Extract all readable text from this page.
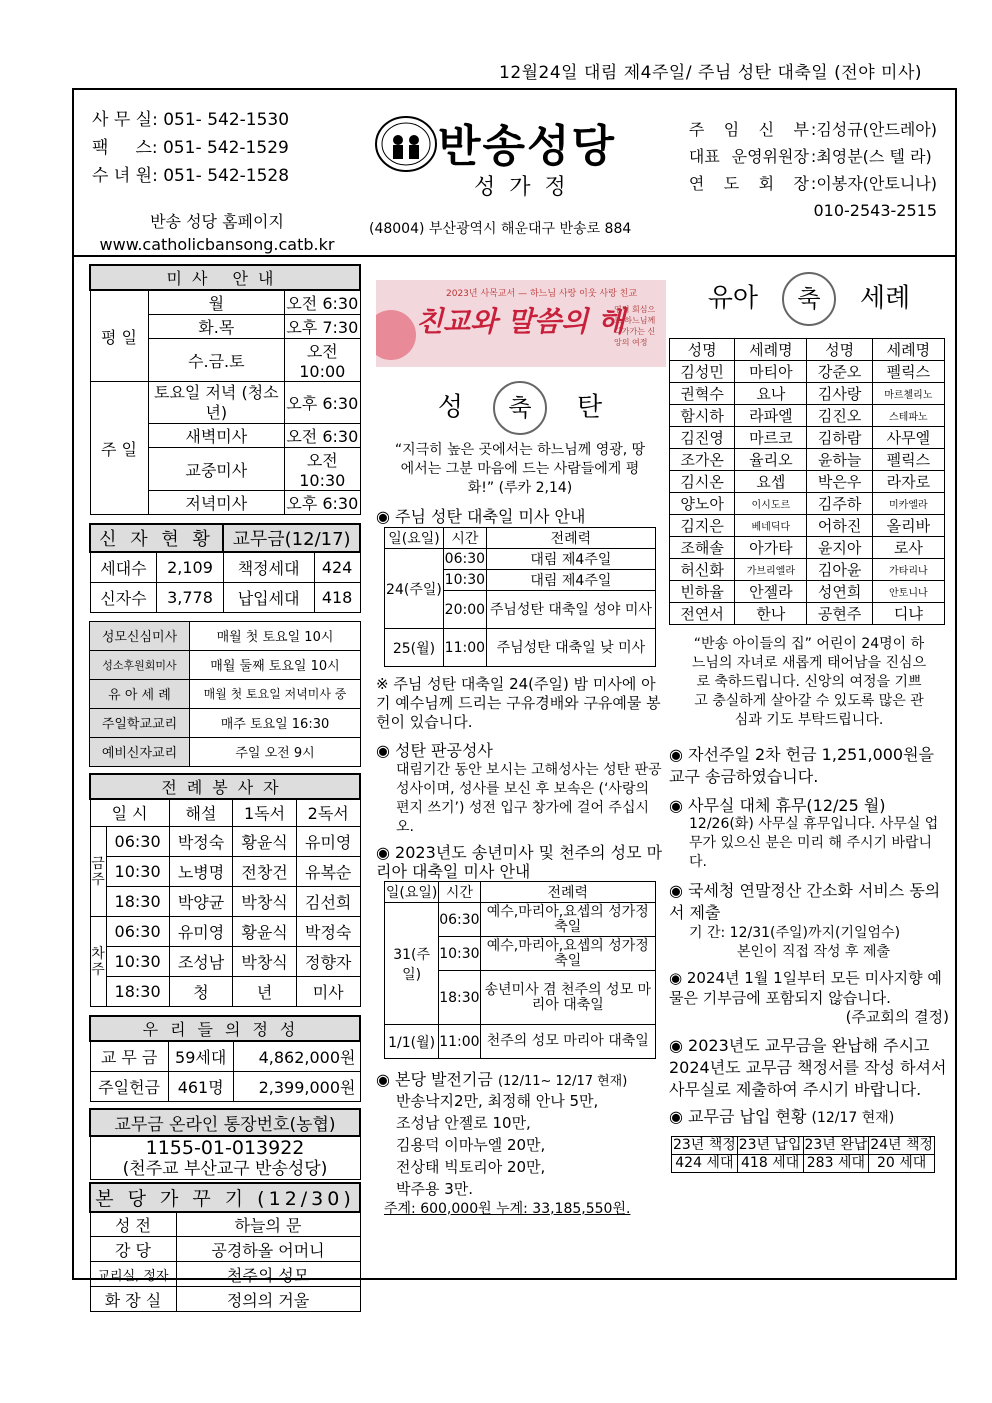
12월24일 대림 제4주일/ 주님 성탄 대축일 (전야 미사)
사 무 실: 051- 542-1530
팩     스: 051- 542-1529
수 녀 원: 051- 542-1528
반송 성당 홈페이지
www.catholicbansong.catb.kr
반송성당
성가정
(48004) 부산광역시 해운대구 반송로 884
주 임 신 부 :김성규(안드레아)
대표 운영위원장 :최영분(스 텔 라)
연 도 회 장 :이봉자(안토니나)
010-2543-2515
미사 안내		
평 일	월	오전 6:30
	화.목	오후 7:30
	수.금.토	오전10:00
주 일	토요일 저녁 (청소년)	오후 6:30
	새벽미사	오전 6:30
	교중미사	오전10:30
	저녁미사	오후 6:30
신 자 현 황		교무금(12/17)	
세대수	2,109	책정세대	424
신자수	3,778	납입세대	418
성모신심미사	매월 첫 토요일 10시
성소후원회미사	매월 둘째 토요일 10시
유 아 세 례	매월 첫 토요일 저녁미사 중
주일학교교리	매주 토요일 16:30
예비신자교리	주일 오전 9시
전례봉사자				
일 시		해설	1독서	2독서
금주	06:30	박정숙	황윤식	유미영
	10:30	노병명	전창건	유복순
	18:30	박양균	박창식	김선희
차주	06:30	유미영	황윤식	박정숙
	10:30	조성남	박창식	정향자
	18:30	청	년	미사
우리들의정성		
교 무 금	59세대	4,862,000원
주일헌금	461명	2,399,000원
교무금 온라인 통장번호(농협)
1155-01-013922
(천주교 부산교구 반송성당)
본 당 가 꾸 기 (12/30)	
성 전	하늘의 문
강 당	공경하올 어머니
교리실, 정자	천주의 성모
화 장 실	정의의 거울
2023년 사목교서 — 하느님 사랑 이웃 사랑 친교
친교와 말씀의 해
영적 회심으로 하느님께 다가가는 신앙의 여정
성 축 탄
“지극히 높은 곳에서는 하느님께 영광, 땅에서는 그분 마음에 드는 사람들에게 평화!” (루카 2,14)
◉ 주님 성탄 대축일 미사 안내
일(요일)	시간	전례력
24(주일)	06:30	대림 제4주일
	10:30	대림 제4주일
	20:00	주님성탄 대축일 성야 미사
25(월)	11:00	주님성탄 대축일 낮 미사
※ 주님 성탄 대축일 24(주일) 밤 미사에 아기 예수님께 드리는 구유경배와 구유예물 봉헌이 있습니다.
◉ 성탄 판공성사
대림기간 동안 보시는 고해성사는 성탄 판공 성사이며, 성사를 보신 후 보속은 (‘사랑의 편지 쓰기’) 성전 입구 창가에 걸어 주십시오.
◉ 2023년도 송년미사 및 천주의 성모 마리아 대축일 미사 안내
일(요일)	시간	전례력
31(주일)	06:30	예수,마리아,요셉의 성가정 축일
	10:30	예수,마리아,요셉의 성가정 축일
	18:30	송년미사 겸 천주의 성모 마리아 대축일
1/1(월)	11:00	천주의 성모 마리아 대축일
◉ 본당 발전기금 (12/11~ 12/17 현재)
반송낙지2만, 최정해 안나 5만,
조성남 안젤로 10만,
김용덕 이마누엘 20만,
전상태 빅토리아 20만,
박주용 3만.
주계: 600,000원 누계: 33,185,550원.
유아 축 세례
성명	세례명	성명	세례명
김성민	마티아	강준오	펠릭스
권혁수	요나	김사랑	마르첼리노
함시하	라파엘	김진오	스테파노
김진영	마르코	김하람	사무엘
조가온	율리오	윤하늘	펠릭스
김시온	요셉	박은우	라자로
양노아	이시도르	김주하	미카엘라
김지은	베네딕다	어하진	올리바
조해솔	아가타	윤지아	로사
허신화	가브리엘라	김아윤	가타리나
빈하율	안젤라	성연희	안토니나
전연서	한나	공현주	디냐
“반송 아이들의 집” 어린이 24명이 하느님의 자녀로 새롭게 태어남을 진심으로 축하드립니다. 신앙의 여정을 기쁘고 충실하게 살아갈 수 있도록 많은 관심과 기도 부탁드립니다.
◉ 자선주일 2차 헌금 1,251,000원을 교구 송금하였습니다.
◉ 사무실 대체 휴무(12/25 월)
12/26(화) 사무실 휴무입니다. 사무실 업무가 있으신 분은 미리 해 주시기 바랍니다.
◉ 국세청 연말정산 간소화 서비스 동의서 제출
기 간: 12/31(주일)까지(기일엄수)
본인이 직접 작성 후 제출
◉ 2024년 1월 1일부터 모든 미사지향 예물은 기부금에 포함되지 않습니다.
(주교회의 결정)
◉ 2023년도 교무금을 완납해 주시고 2024년도 교무금 책정서를 작성 하셔서 사무실로 제출하여 주시기 바랍니다.
◉ 교무금 납입 현황 (12/17 현재)
23년 책정	23년 납입	23년 완납	24년 책정
424 세대	418 세대	283 세대	20 세대
